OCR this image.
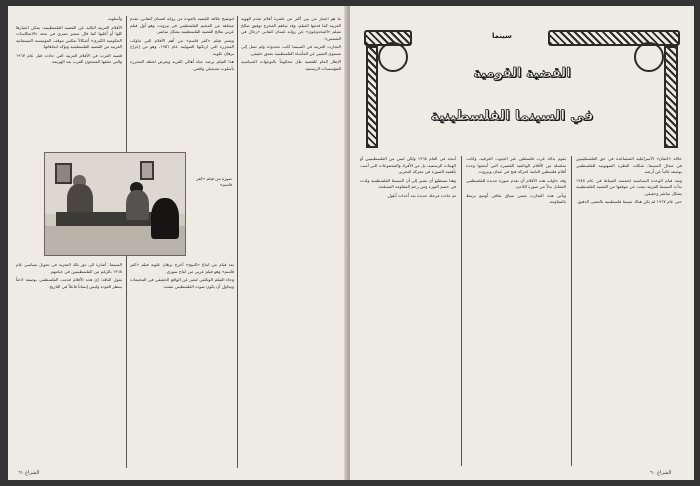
وأسلوبه.

الأفلام العربية التالية عن القضية الفلسطينية، يمكن اعتبارها كلها أو أغلبها كما قال سمير نصري في بحثه «الانعكاسات الحكومية الكبرى» أشكالاً تعكس موقف المؤسسة السينمائية العربية من القضية الفلسطينية وتؤكد اتجاهاتها.

قضية العرب في الأفلام العربية التي جاءت قبل عام ١٩٦٧ والتي حققها المنتجون العرب بعد الهزيمة.

لتوضيح علاقة القضية بالعودة من رواية لغسان كنفاني، تقدم مشاهد من المخيم الفلسطيني في بيروت، وهو أول فيلم عربي يعالج القضية الفلسطينية بشكل مباشر.

ويعتبر فيلم «كفر قاسم» من أهم الأفلام التي تناولت المجزرة التي ارتكبها الصهاينة عام ١٩٥٦، وهو من إخراج برهان علوية.

هذا الفيلم يرصد حياة أهالي القرية ويعرض لحظة المجزرة بأسلوب تسجيلي واقعي.

ما هو اختيار من بين أكثر من عشرة أفلام تقدم الهوية العربية كما قدمها الفيلم، وقد ساهم المخرج توفيق صالح بفيلم «المخدوعون» عن رواية غسان كنفاني «رجال في الشمس».

التجارب العربية في السينما كانت محدودة ولم تصل إلى مستوى التعبير عن المأساة الفلسطينية بعمق حقيقي.

الإطار العام للقضية ظل محكوماً بالتوجهات السياسية للمؤسسات الرسمية.

صورة من فيلم «كفر قاسم»

السينما: أشارة الى دور تلك التجربة في تحويل سياسي عام ١٩٦٨ بالرغم من الفلسطينيين في خيامهم.

يقول الناقد: إن هذه الأفلام قدمت الفلسطيني بوصفه لاجئاً ينتظر العودة وليس إنساناً فاعلاً في التاريخ.

بعد قيام من اتباع «النبيح» آخرج برهان علوية فيلم «كفر قاسم» وهو فيلم عربي من انتاج سوري.

وجاء الفيلم الوثائقي ليعبر عن الواقع الحقيقي في المخيمات ويحاول أن يكون صوت الفلسطيني نفسه.

الشراع ٦١
سينما
القضية القومية
في السينما الفلسطينية

خلاله «كنعان» الأسرائيلية المتصاعدة في حق الفلسطينيين في مجال السينما، شكلت النظرة الصهيونية للفلسطيني بوصفه غائباً عن أرضه.

وبعد قيام الوحدة السياسية لخمسة الضباط في عام ١٩٤٨ بدأت السينما العربية تبحث عن موقعها من القضية الفلسطينية بشكل مباشر وحقيقي.

حتى عام ١٩٦٧ لم تكن هناك سينما فلسطينية بالمعنى الدقيق.

بقوم بذلك غرب فلسطين عبر الجيوب العرقية، وكانت سلسلة من الأفلام الوثائقية القصيرة التي أنتجتها وحدة أفلام فلسطين التابعة لحركة فتح في عمان وبيروت.

وقد حاولت هذه الأفلام أن تقدم صورة جديدة للفلسطيني المقاتل بدلاً من صورة اللاجئ.

وتأتي هذه التجارب ضمن سياق ثقافي أوسع يرتبط بالمقاومة.

أنتجه في العام ١٩٦٨ ولكن ليس من الفلسطينيين أو الهيئات الرسمية، بل من الأفراد والمجموعات التي آمنت بأهمية الصورة في معركة التحرير.

وهنا نستطيع أن نشير إلى أن السينما الفلسطينية ولدت في خضم الثورة ومن رحم المقاومة المسلحة.

ثم جاءت مرحلة جديدة بعد أحداث أيلول.

الشراع ٦٠
